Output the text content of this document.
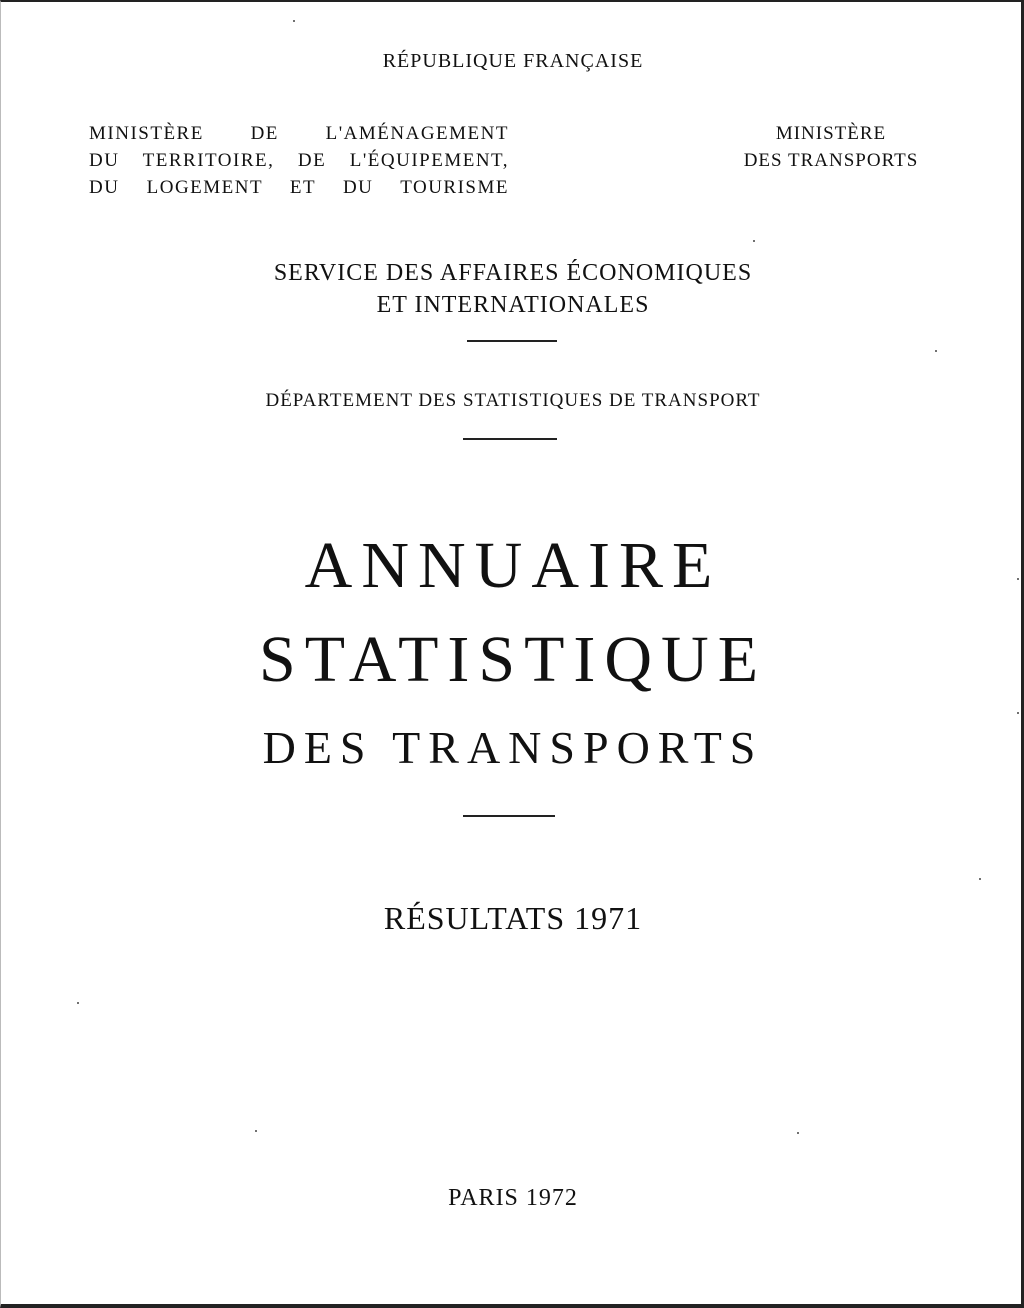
RÉPUBLIQUE FRANÇAISE
MINISTÈRE DE L'AMÉNAGEMENT
DU TERRITOIRE, DE L'ÉQUIPEMENT,
DU LOGEMENT ET DU TOURISME
MINISTÈRE
DES TRANSPORTS
SERVICE DES AFFAIRES ÉCONOMIQUES
ET INTERNATIONALES
DÉPARTEMENT DES STATISTIQUES DE TRANSPORT
ANNUAIRE
STATISTIQUE
DES TRANSPORTS
RÉSULTATS 1971
PARIS 1972
